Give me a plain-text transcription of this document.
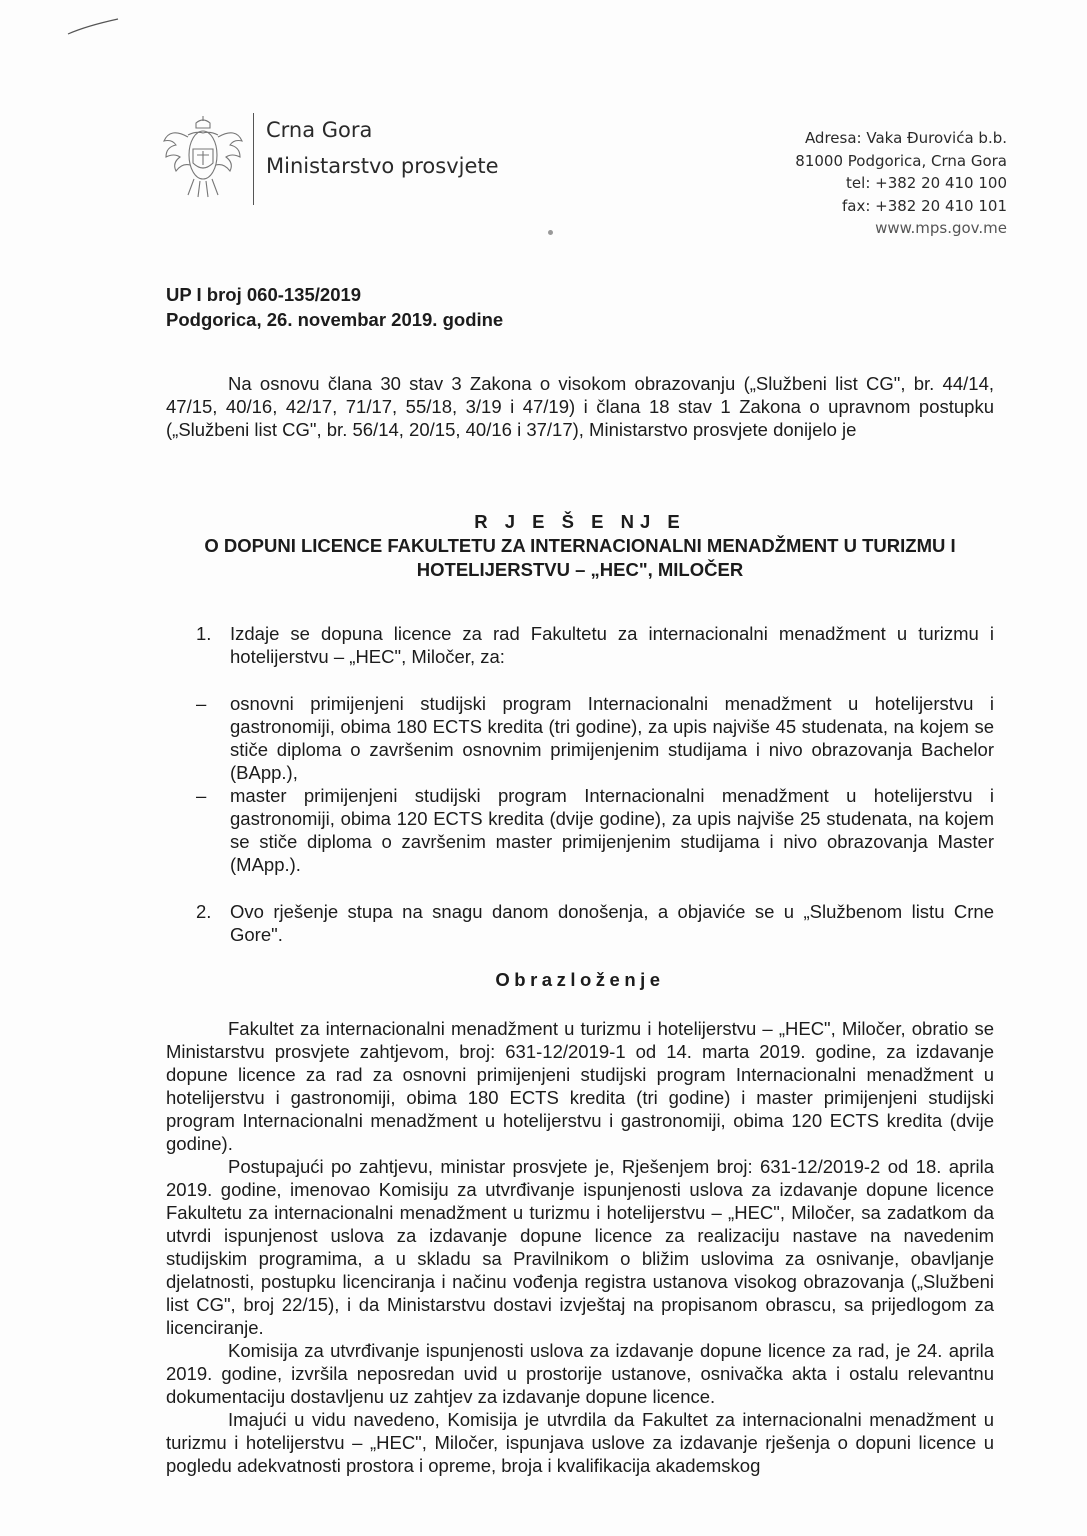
Crna Gora
Ministarstvo prosvjete
Adresa: Vaka Đurovića b.b.
81000 Podgorica, Crna Gora
tel: +382 20 410 100
fax: +382 20 410 101
www.mps.gov.me
UP I broj 060-135/2019
Podgorica, 26. novembar 2019. godine

Na osnovu člana 30 stav 3 Zakona o visokom obrazovanju („Službeni list CG", br. 44/14, 47/15, 40/16, 42/17, 71/17, 55/18, 3/19 i 47/19) i člana 18 stav 1 Zakona o upravnom postupku („Službeni list CG", br. 56/14, 20/15, 40/16 i 37/17), Ministarstvo prosvjete donijelo je

R J E Š E NJ E
O DOPUNI LICENCE FAKULTETU ZA INTERNACIONALNI MENADŽMENT U TURIZMU I
HOTELIJERSTVU – „HEC", MILOČER
1.	Izdaje se dopuna licence za rad Fakultetu za internacionalni menadžment u turizmu i hotelijerstvu – „HEC", Miločer, za:
–	osnovni primijenjeni studijski program Internacionalni menadžment u hotelijerstvu i gastronomiji, obima 180 ECTS kredita (tri godine), za upis najviše 45 studenata, na kojem se stiče diploma o završenim osnovnim primijenjenim studijama i nivo obrazovanja Bachelor (BApp.),
–	master primijenjeni studijski program Internacionalni menadžment u hotelijerstvu i gastronomiji, obima 120 ECTS kredita (dvije godine), za upis najviše 25 studenata, na kojem se stiče diploma o završenim master primijenjenim studijama i nivo obrazovanja Master (MApp.).
2.	Ovo rješenje stupa na snagu danom donošenja, a objaviće se u „Službenom listu Crne Gore".
Obrazloženje

Fakultet za internacionalni menadžment u turizmu i hotelijerstvu – „HEC", Miločer, obratio se Ministarstvu prosvjete zahtjevom, broj: 631-12/2019-1 od 14. marta 2019. godine, za izdavanje dopune licence za rad za osnovni primijenjeni studijski program Internacionalni menadžment u hotelijerstvu i gastronomiji, obima 180 ECTS kredita (tri godine) i master primijenjeni studijski program Internacionalni menadžment u hotelijerstvu i gastronomiji, obima 120 ECTS kredita (dvije godine).

Postupajući po zahtjevu, ministar prosvjete je, Rješenjem broj: 631-12/2019-2 od 18. aprila 2019. godine, imenovao Komisiju za utvrđivanje ispunjenosti uslova za izdavanje dopune licence Fakultetu za internacionalni menadžment u turizmu i hotelijerstvu – „HEC", Miločer, sa zadatkom da utvrdi ispunjenost uslova za izdavanje dopune licence za realizaciju nastave na navedenim studijskim programima, a u skladu sa Pravilnikom o bližim uslovima za osnivanje, obavljanje djelatnosti, postupku licenciranja i načinu vođenja registra ustanova visokog obrazovanja („Službeni list CG", broj 22/15), i da Ministarstvu dostavi izvještaj na propisanom obrascu, sa prijedlogom za licenciranje.

Komisija za utvrđivanje ispunjenosti uslova za izdavanje dopune licence za rad, je 24. aprila 2019. godine, izvršila neposredan uvid u prostorije ustanove, osnivačka akta i ostalu relevantnu dokumentaciju dostavljenu uz zahtjev za izdavanje dopune licence.

Imajući u vidu navedeno, Komisija je utvrdila da Fakultet za internacionalni menadžment u turizmu i hotelijerstvu – „HEC", Miločer, ispunjava uslove za izdavanje rješenja o dopuni licence u pogledu adekvatnosti prostora i opreme, broja i kvalifikacija akademskog
